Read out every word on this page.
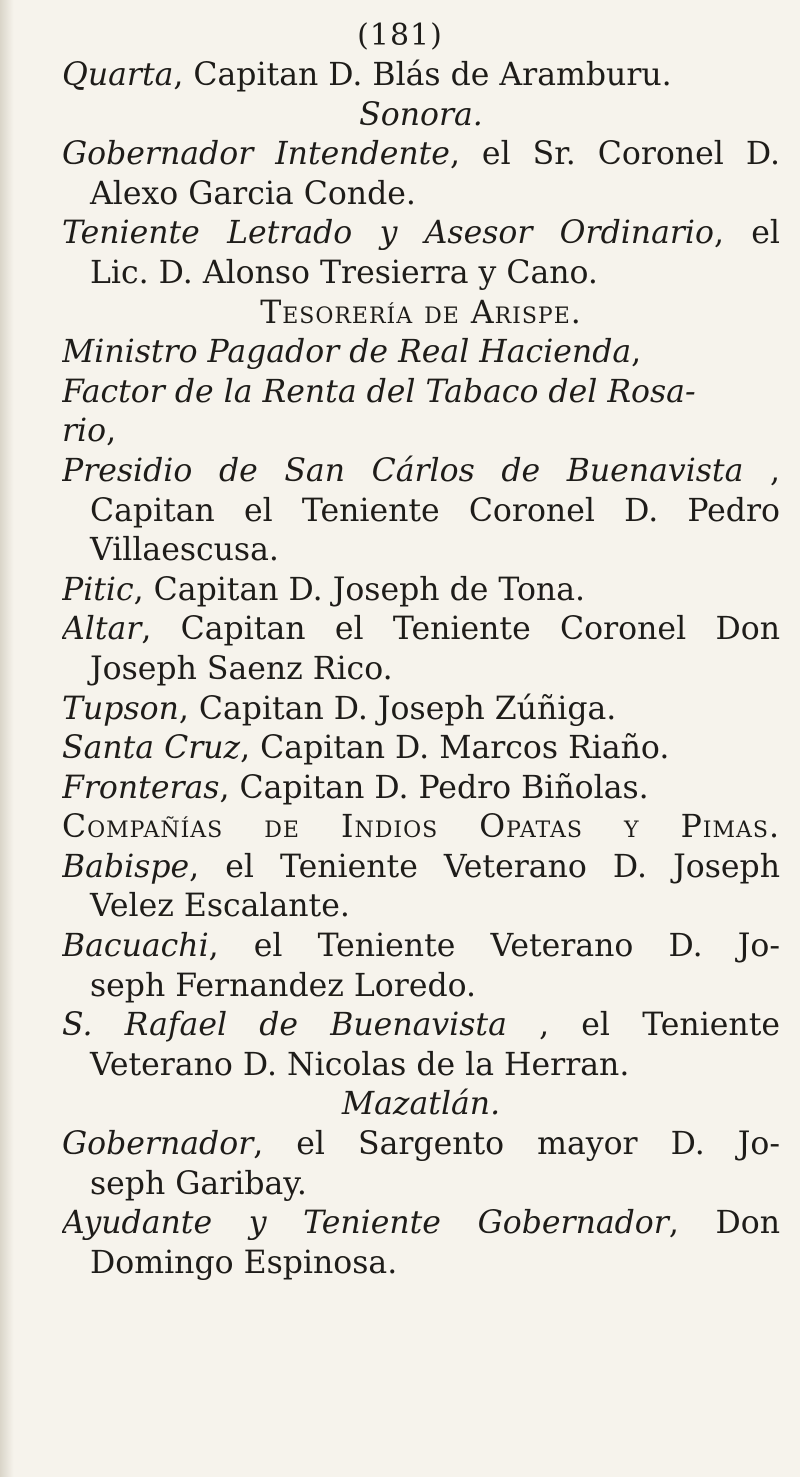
(181)
Quarta, Capitan D. Blás de Aramburu.
Sonora.
Gobernador Intendente, el Sr. Coronel D.
Alexo Garcia Conde.
Teniente Letrado y Asesor Ordinario, el
Lic. D. Alonso Tresierra y Cano.
Tesorería de Arispe.
Ministro Pagador de Real Hacienda,
Factor de la Renta del Tabaco del Rosa-
rio,
Presidio de San Cárlos de Buenavista ,
Capitan el Teniente Coronel D. Pedro
Villaescusa.
Pitic, Capitan D. Joseph de Tona.
Altar, Capitan el Teniente Coronel Don
Joseph Saenz Rico.
Tupson, Capitan D. Joseph Zúñiga.
Santa Cruz, Capitan D. Marcos Riaño.
Fronteras, Capitan D. Pedro Biñolas.
Compañías de Indios Opatas y Pimas.
Babispe, el Teniente Veterano D. Joseph
Velez Escalante.
Bacuachi, el Teniente Veterano D. Jo-
seph Fernandez Loredo.
S. Rafael de Buenavista , el Teniente
Veterano D. Nicolas de la Herran.
Mazatlán.
Gobernador, el Sargento mayor D. Jo-
seph Garibay.
Ayudante y Teniente Gobernador, Don
Domingo Espinosa.
